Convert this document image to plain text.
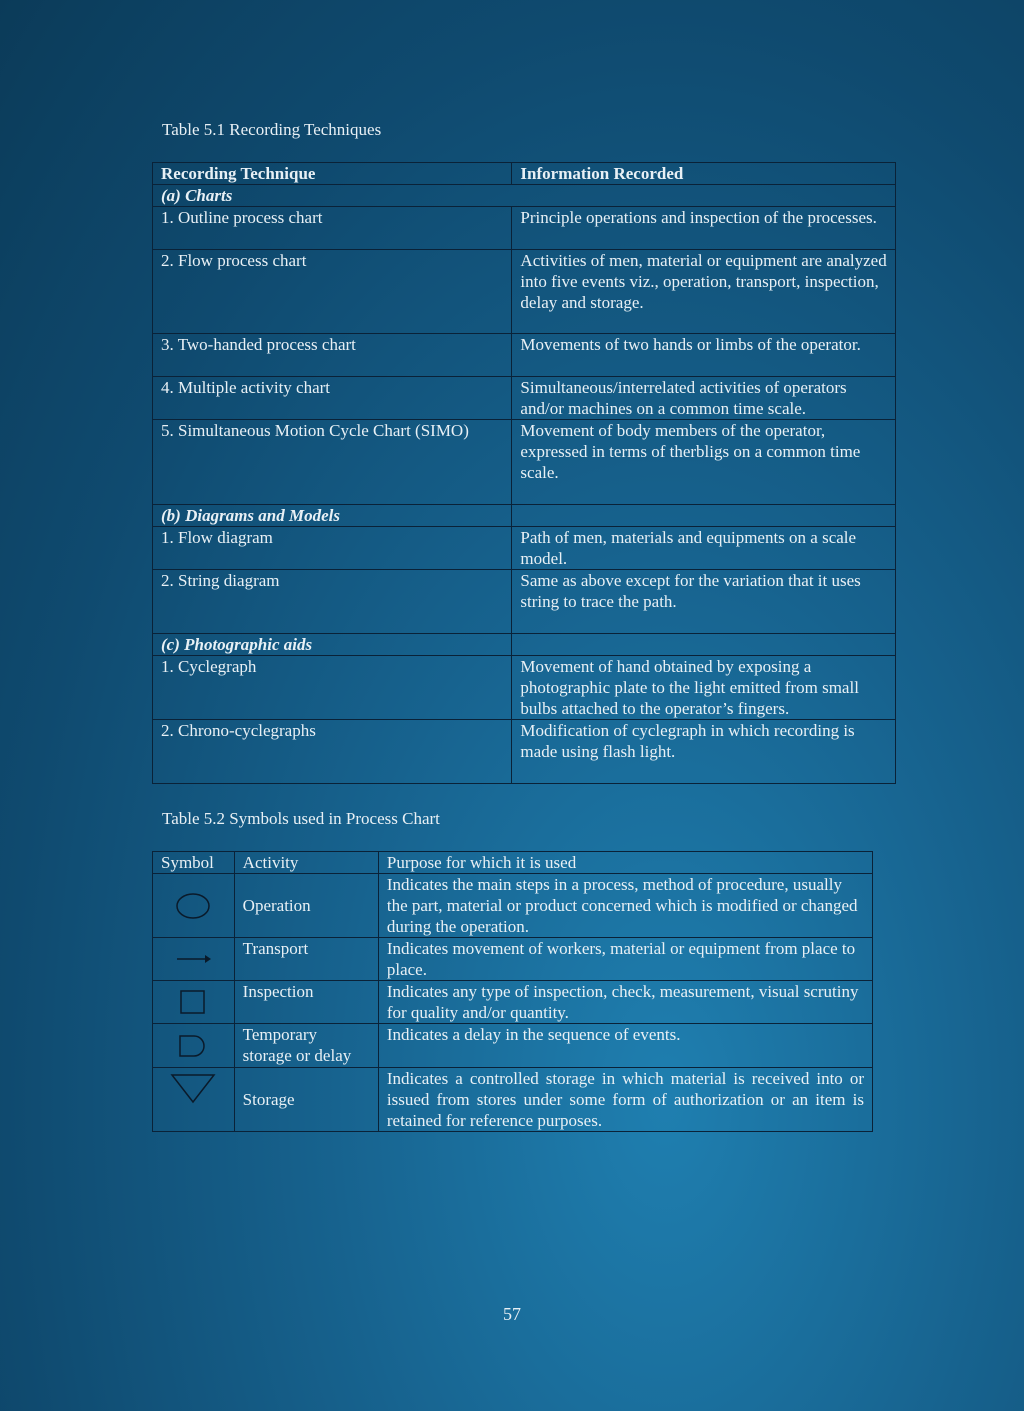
Table 5.1 Recording Techniques
Recording Technique	Information Recorded
(a) Charts	
1. Outline process chart	Principle operations and inspection of the processes.
2. Flow process chart	Activities of men, material or equipment are analyzed into five events viz., operation, transport, inspection, delay and storage.
3. Two-handed process chart	Movements of two hands or limbs of the operator.
4. Multiple activity chart	Simultaneous/interrelated activities of operators and/or machines on a common time scale.
5. Simultaneous Motion Cycle Chart (SIMO)	Movement of body members of the operator, expressed in terms of therbligs on a common time scale.
(b) Diagrams and Models	
1. Flow diagram	Path of men, materials and equipments on a scale model.
2. String diagram	Same as above except for the variation that it uses string to trace the path.
(c) Photographic aids	
1. Cyclegraph	Movement of hand obtained by exposing a photographic plate to the light emitted from small bulbs attached to the operator’s fingers.
2. Chrono-cyclegraphs	Modification of cyclegraph in which recording is made using flash light.
Table 5.2 Symbols used in Process Chart
Symbol	Activity	Purpose for which it is used

	Operation	Indicates the main steps in a process, method of procedure, usually the part, material or product concerned which is modified or changed during the operation.

	Transport	Indicates movement of workers, material or equipment from place to place.

	Inspection	Indicates any type of inspection, check, measurement, visual scrutiny for quality and/or quantity.

	Temporary storage or delay	Indicates a delay in the sequence of events.

	Storage	Indicates a controlled storage in which material is received into or issued from stores under some form of authorization or an item is retained for reference purposes.
57
